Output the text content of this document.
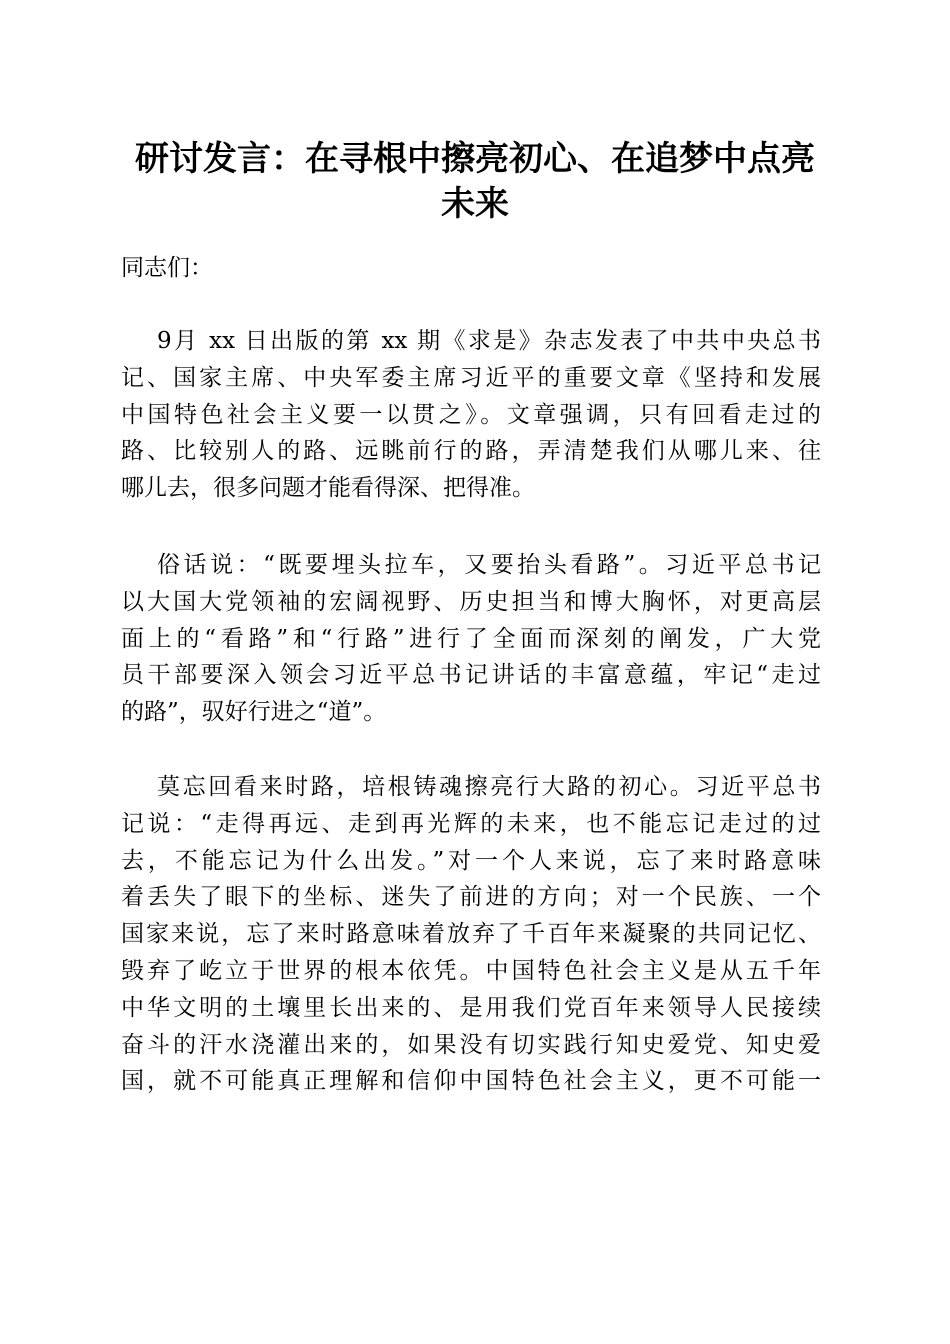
研讨发言：在寻根中擦亮初心、在追梦中点亮
未来
同志们：
9月 xx 日出版的第 xx 期《求是》杂志发表了中共中央总书
记、国家主席、中央军委主席习近平的重要文章《坚持和发展
中国特色社会主义要一以贯之》。文章强调，只有回看走过的
路、比较别人的路、远眺前行的路，弄清楚我们从哪儿来、往
哪儿去，很多问题才能看得深、把得准。
俗话说：“既要埋头拉车，又要抬头看路”。习近平总书记
以大国大党领袖的宏阔视野、历史担当和博大胸怀，对更高层
面上的“看路”和“行路”进行了全面而深刻的阐发，广大党
员干部要深入领会习近平总书记讲话的丰富意蕴，牢记“走过
的路”，驭好行进之“道”。
莫忘回看来时路，培根铸魂擦亮行大路的初心。习近平总书
记说：“走得再远、走到再光辉的未来，也不能忘记走过的过
去，不能忘记为什么出发。”对一个人来说，忘了来时路意味
着丢失了眼下的坐标、迷失了前进的方向；对一个民族、一个
国家来说，忘了来时路意味着放弃了千百年来凝聚的共同记忆、
毁弃了屹立于世界的根本依凭。中国特色社会主义是从五千年
中华文明的土壤里长出来的、是用我们党百年来领导人民接续
奋斗的汗水浇灌出来的，如果没有切实践行知史爱党、知史爱
国，就不可能真正理解和信仰中国特色社会主义，更不可能一
